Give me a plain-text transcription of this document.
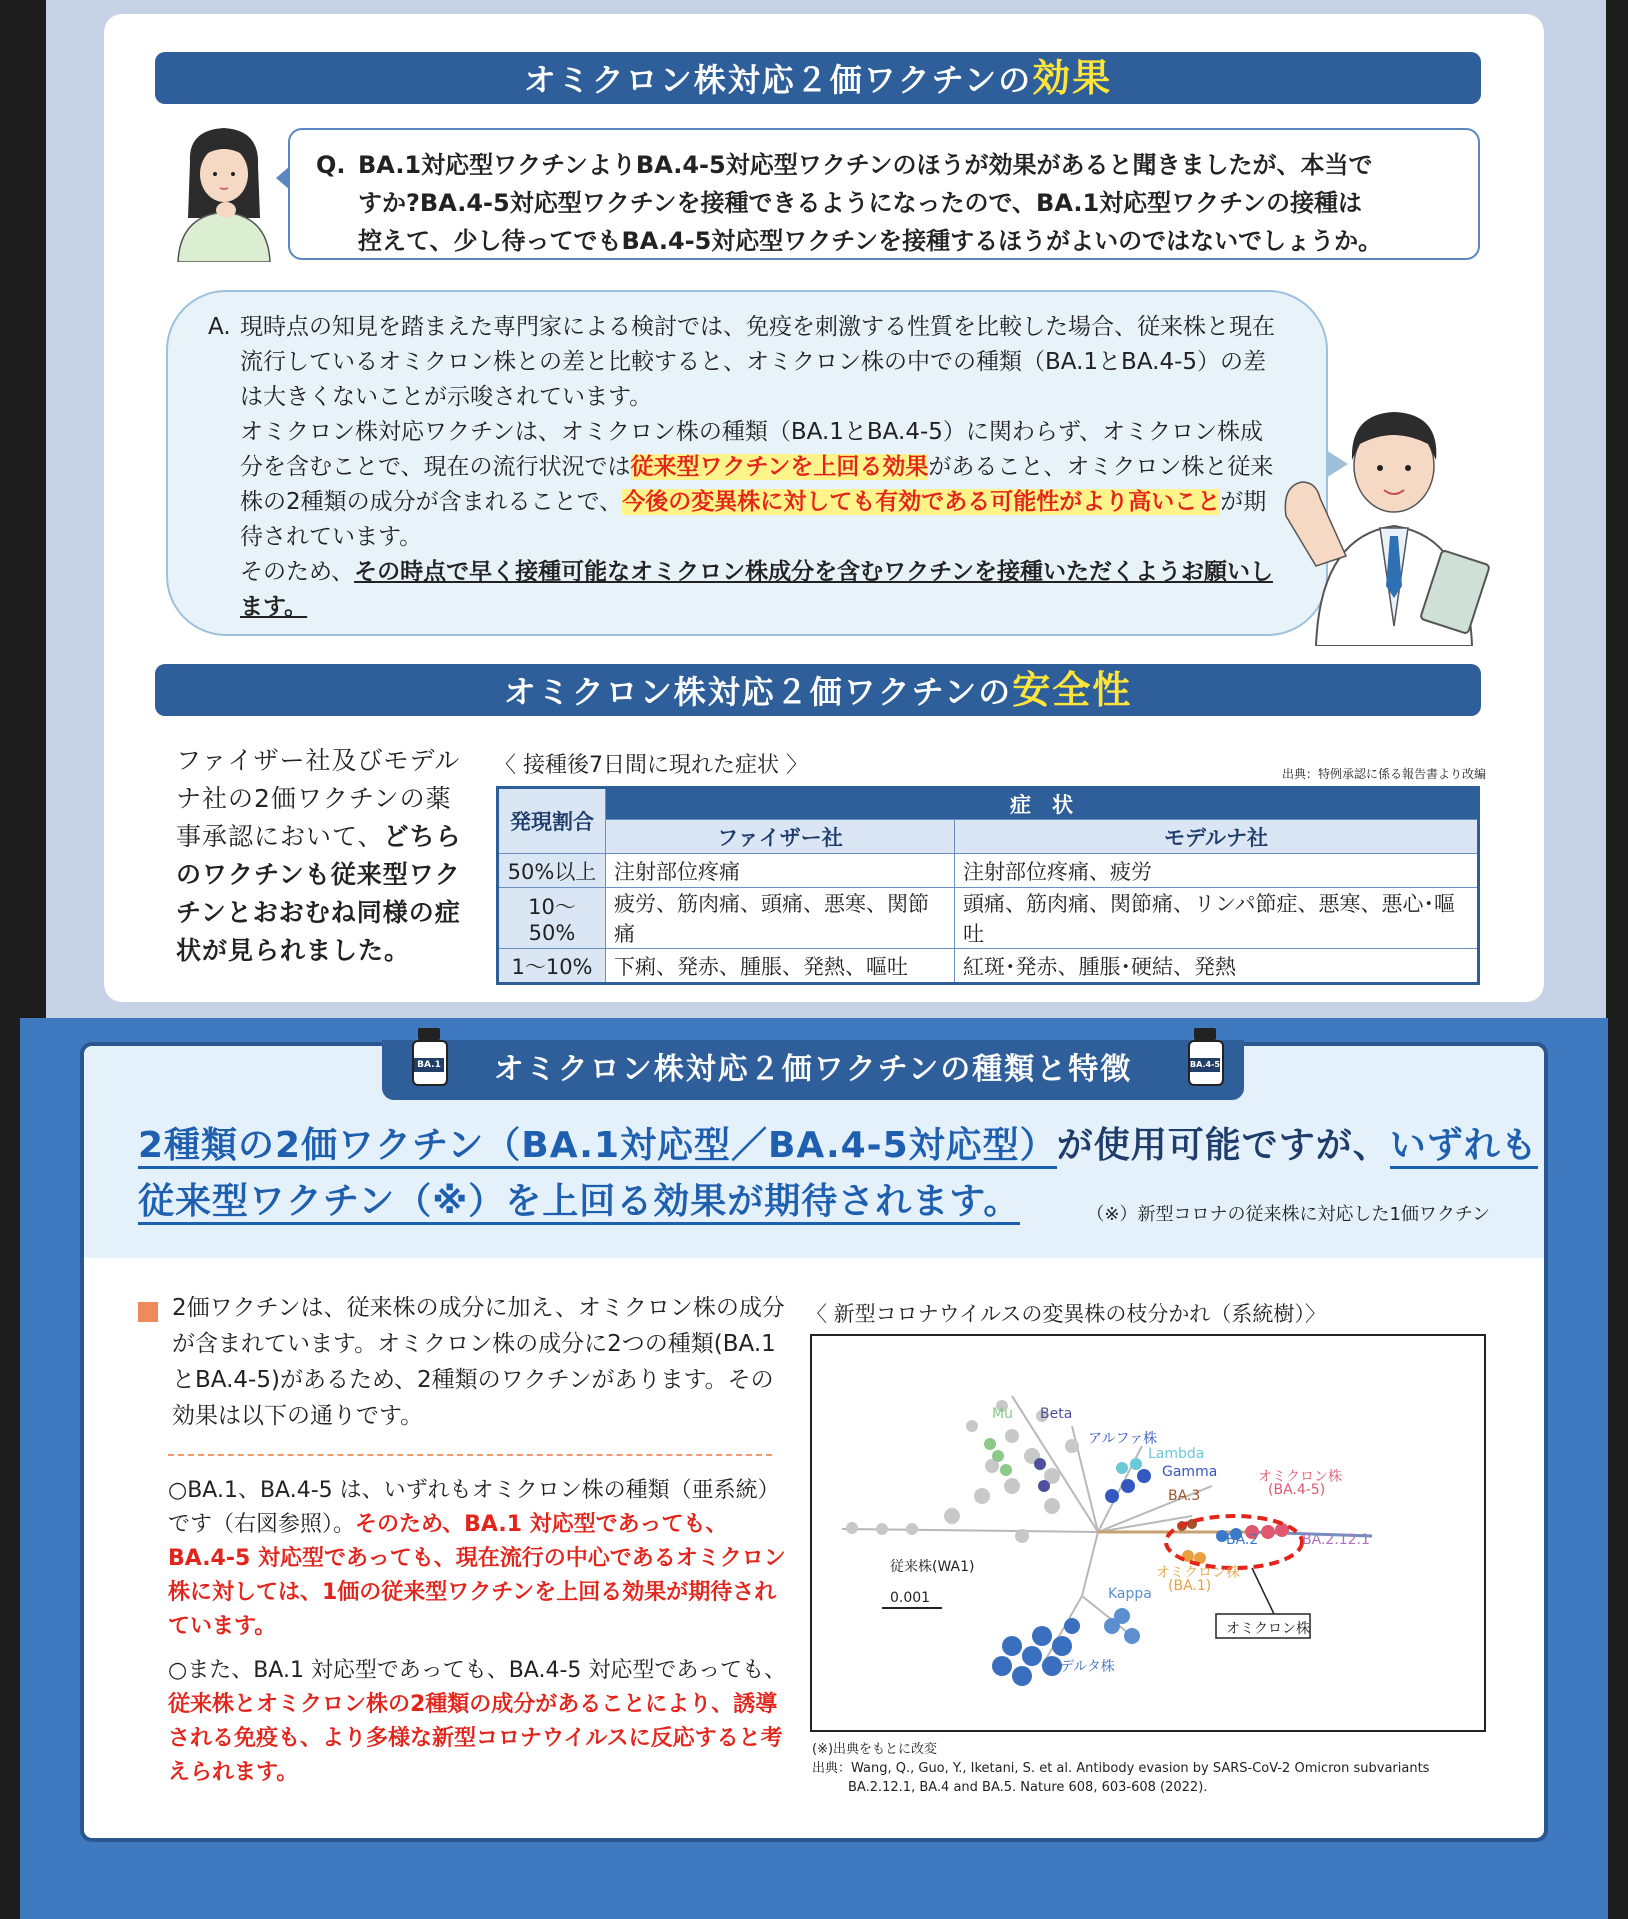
オミクロン株対応２価ワクチンの効果
Q. BA.1対応型ワクチンよりBA.4-5対応型ワクチンのほうが効果があると聞きましたが、本当で
すか?BA.4-5対応型ワクチンを接種できるようになったので、BA.1対応型ワクチンの接種は
控えて、少し待ってでもBA.4-5対応型ワクチンを接種するほうがよいのではないでしょうか。
A. 現時点の知見を踏まえた専門家による検討では、免疫を刺激する性質を比較した場合、従来株と現在流行しているオミクロン株との差と比較すると、オミクロン株の中での種類（BA.1とBA.4-5）の差は大きくないことが示唆されています。
オミクロン株対応ワクチンは、オミクロン株の種類（BA.1とBA.4-5）に関わらず、オミクロン株成分を含むことで、現在の流行状況では従来型ワクチンを上回る効果があること、オミクロン株と従来株の2種類の成分が含まれることで、今後の変異株に対しても有効である可能性がより高いことが期待されています。
そのため、その時点で早く接種可能なオミクロン株成分を含むワクチンを接種いただくようお願いします。
オミクロン株対応２価ワクチンの安全性
ファイザー社及びモデルナ社の2価ワクチンの薬事承認において、どちらのワクチンも従来型ワクチンとおおむね同様の症状が見られました。
〈 接種後7日間に現れた症状 〉	出典：特例承認に係る報告書より改編
発現割合	症　状	
	ファイザー社	モデルナ社
50%以上	注射部位疼痛	注射部位疼痛、疲労
10〜50%	疲労、筋肉痛、頭痛、悪寒、関節痛	頭痛、筋肉痛、関節痛、リンパ節症、悪寒、悪心･嘔吐
1〜10%	下痢、発赤、腫脹、発熱、嘔吐	紅斑･発赤、腫脹･硬結、発熱
オミクロン株対応２価ワクチンの種類と特徴
BA.1	BA.4-5
2種類の2価ワクチン（BA.1対応型／BA.4-5対応型）が使用可能ですが、いずれも
従来型ワクチン（※）を上回る効果が期待されます。	（※）新型コロナの従来株に対応した1価ワクチン
2価ワクチンは、従来株の成分に加え、オミクロン株の成分が含まれています。オミクロン株の成分に2つの種類(BA.1とBA.4-5)があるため、2種類のワクチンがあります。その効果は以下の通りです。
○BA.1、BA.4-5 は、いずれもオミクロン株の種類（亜系統）です（右図参照）。そのため、BA.1 対応型であっても、BA.4-5 対応型であっても、現在流行の中心であるオミクロン株に対しては、1価の従来型ワクチンを上回る効果が期待されています。
○また、BA.1 対応型であっても、BA.4-5 対応型であっても、従来株とオミクロン株の2種類の成分があることにより、誘導される免疫も、より多様な新型コロナウイルスに反応すると考えられます。
〈 新型コロナウイルスの変異株の枝分かれ（系統樹）〉
Mu Beta
アルファ株
Lambda
Gamma
BA.3
オミクロン株
(BA.4-5)
BA.2	BA.2.12.1
オミクロン株
(BA.1)
従来株(WA1)
Kappa
デルタ株
オミクロン株
0.001
(※)出典をもとに改変
出典：Wang, Q., Guo, Y., Iketani, S. et al. Antibody evasion by SARS-CoV-2 Omicron subvariants
BA.2.12.1, BA.4 and BA.5. Nature 608, 603-608 (2022).
